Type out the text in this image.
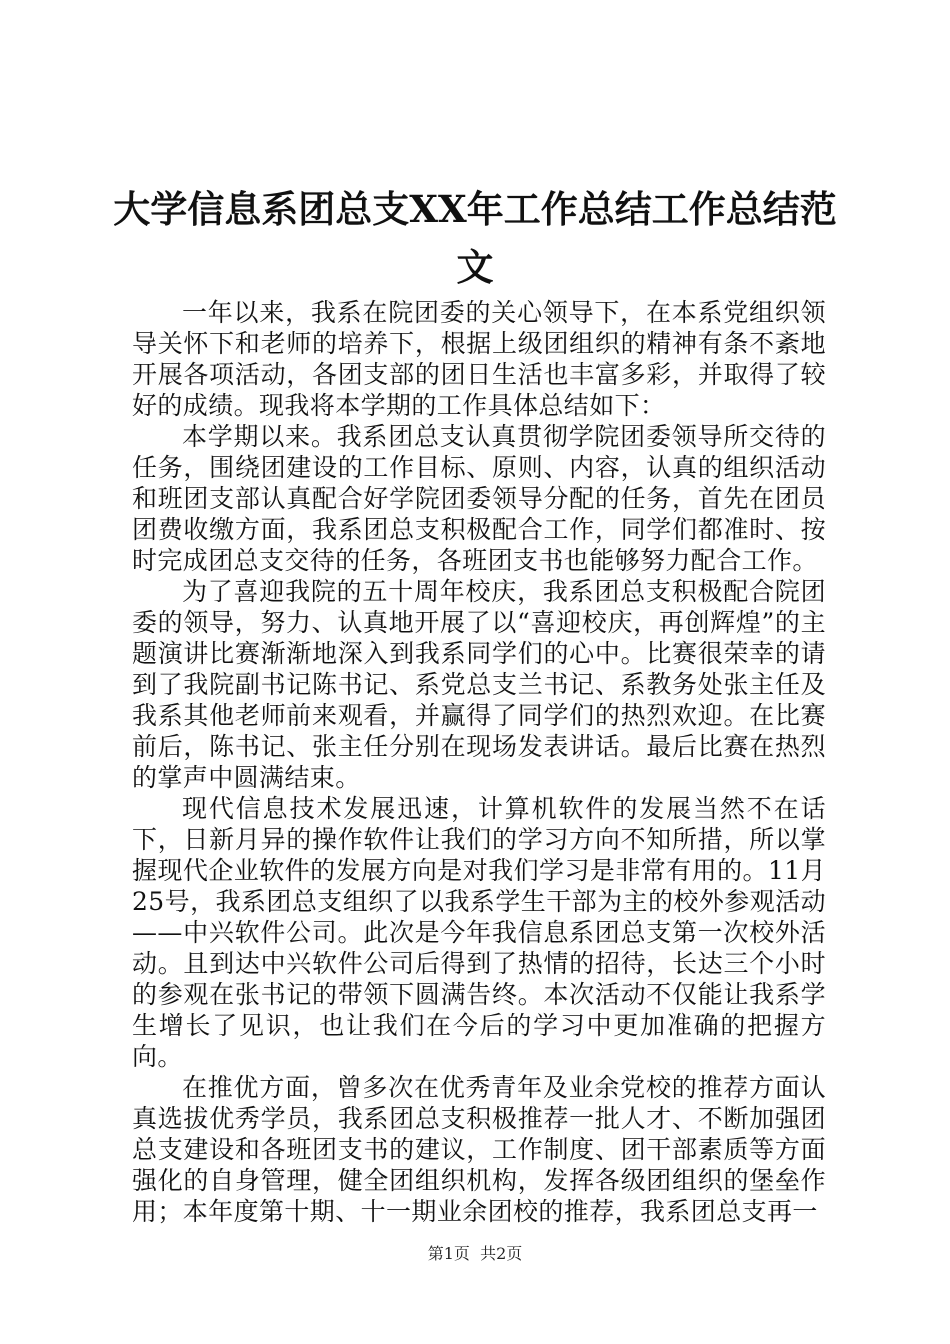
大学信息系团总支XX年工作总结工作总结范文

一年以来，我系在院团委的关心领导下，在本系党组织领导关怀下和老师的培养下，根据上级团组织的精神有条不紊地开展各项活动，各团支部的团日生活也丰富多彩，并取得了较好的成绩。现我将本学期的工作具体总结如下：

本学期以来。我系团总支认真贯彻学院团委领导所交待的任务，围绕团建设的工作目标、原则、内容，认真的组织活动和班团支部认真配合好学院团委领导分配的任务，首先在团员团费收缴方面，我系团总支积极配合工作，同学们都准时、按时完成团总支交待的任务，各班团支书也能够努力配合工作。

为了喜迎我院的五十周年校庆，我系团总支积极配合院团委的领导，努力、认真地开展了以“喜迎校庆，再创辉煌”的主题演讲比赛渐渐地深入到我系同学们的心中。比赛很荣幸的请到了我院副书记陈书记、系党总支兰书记、系教务处张主任及我系其他老师前来观看，并赢得了同学们的热烈欢迎。在比赛前后，陈书记、张主任分别在现场发表讲话。最后比赛在热烈的掌声中圆满结束。

现代信息技术发展迅速，计算机软件的发展当然不在话下，日新月异的操作软件让我们的学习方向不知所措，所以掌握现代企业软件的发展方向是对我们学习是非常有用的。11月25号，我系团总支组织了以我系学生干部为主的校外参观活动——中兴软件公司。此次是今年我信息系团总支第一次校外活动。且到达中兴软件公司后得到了热情的招待，长达三个小时的参观在张书记的带领下圆满告终。本次活动不仅能让我系学生增长了见识，也让我们在今后的学习中更加准确的把握方向。

在推优方面，曾多次在优秀青年及业余党校的推荐方面认真选拔优秀学员，我系团总支积极推荐一批人才、不断加强团总支建设和各班团支书的建议，工作制度、团干部素质等方面强化的自身管理，健全团组织机构，发挥各级团组织的堡垒作用；本年度第十期、十一期业余团校的推荐，我系团总支再一

第1页 共2页
